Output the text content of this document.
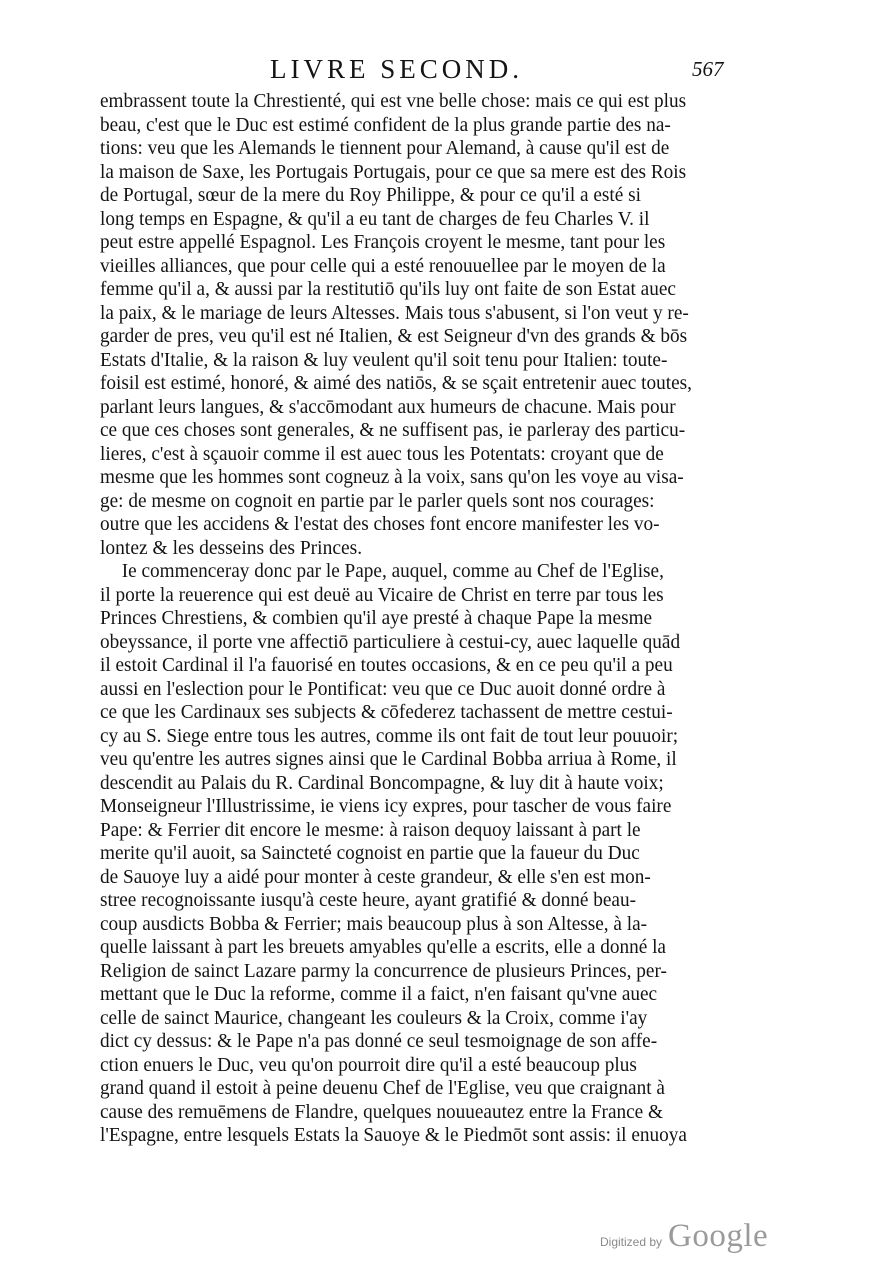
LIVRE SECOND.	567
embrassent toute la Chrestienté, qui est vne belle chose: mais ce qui est plus
beau, c'est que le Duc est estimé confident de la plus grande partie des na-
tions: veu que les Alemands le tiennent pour Alemand, à cause qu'il est de
la maison de Saxe, les Portugais Portugais, pour ce que sa mere est des Rois
de Portugal, sœur de la mere du Roy Philippe, & pour ce qu'il a esté si
long temps en Espagne, & qu'il a eu tant de charges de feu Charles V. il
peut estre appellé Espagnol. Les François croyent le mesme, tant pour les
vieilles alliances, que pour celle qui a esté renouuellee par le moyen de la
femme qu'il a, & aussi par la restitutiō qu'ils luy ont faite de son Estat auec
la paix, & le mariage de leurs Altesses. Mais tous s'abusent, si l'on veut y re-
garder de pres, veu qu'il est né Italien, & est Seigneur d'vn des grands & bōs
Estats d'Italie, & la raison & luy veulent qu'il soit tenu pour Italien: toute-
foisil est estimé, honoré, & aimé des natiōs, & se sçait entretenir auec toutes,
parlant leurs langues, & s'accōmodant aux humeurs de chacune. Mais pour
ce que ces choses sont generales, & ne suffisent pas, ie parleray des particu-
lieres, c'est à sçauoir comme il est auec tous les Potentats: croyant que de
mesme que les hommes sont cogneuz à la voix, sans qu'on les voye au visa-
ge: de mesme on cognoit en partie par le parler quels sont nos courages:
outre que les accidens & l'estat des choses font encore manifester les vo-
lontez & les desseins des Princes.
Ie commenceray donc par le Pape, auquel, comme au Chef de l'Eglise,
il porte la reuerence qui est deuë au Vicaire de Christ en terre par tous les
Princes Chrestiens, & combien qu'il aye presté à chaque Pape la mesme
obeyssance, il porte vne affectiō particuliere à cestui-cy, auec laquelle quād
il estoit Cardinal il l'a fauorisé en toutes occasions, & en ce peu qu'il a peu
aussi en l'eslection pour le Pontificat: veu que ce Duc auoit donné ordre à
ce que les Cardinaux ses subjects & cōfederez tachassent de mettre cestui-
cy au S. Siege entre tous les autres, comme ils ont fait de tout leur pouuoir;
veu qu'entre les autres signes ainsi que le Cardinal Bobba arriua à Rome, il
descendit au Palais du R. Cardinal Boncompagne, & luy dit à haute voix;
Monseigneur l'Illustrissime, ie viens icy expres, pour tascher de vous faire
Pape: & Ferrier dit encore le mesme: à raison dequoy laissant à part le
merite qu'il auoit, sa Saincteté cognoist en partie que la faueur du Duc
de Sauoye luy a aidé pour monter à ceste grandeur, & elle s'en est mon-
stree recognoissante iusqu'à ceste heure, ayant gratifié & donné beau-
coup ausdicts Bobba & Ferrier; mais beaucoup plus à son Altesse, à la-
quelle laissant à part les breuets amyables qu'elle a escrits, elle a donné la
Religion de sainct Lazare parmy la concurrence de plusieurs Princes, per-
mettant que le Duc la reforme, comme il a faict, n'en faisant qu'vne auec
celle de sainct Maurice, changeant les couleurs & la Croix, comme i'ay
dict cy dessus: & le Pape n'a pas donné ce seul tesmoignage de son affe-
ction enuers le Duc, veu qu'on pourroit dire qu'il a esté beaucoup plus
grand quand il estoit à peine deuenu Chef de l'Eglise, veu que craignant à
cause des remuēmens de Flandre, quelques nouueautez entre la France &
l'Espagne, entre lesquels Estats la Sauoye & le Piedmōt sont assis: il enuoya
Digitized by Google
